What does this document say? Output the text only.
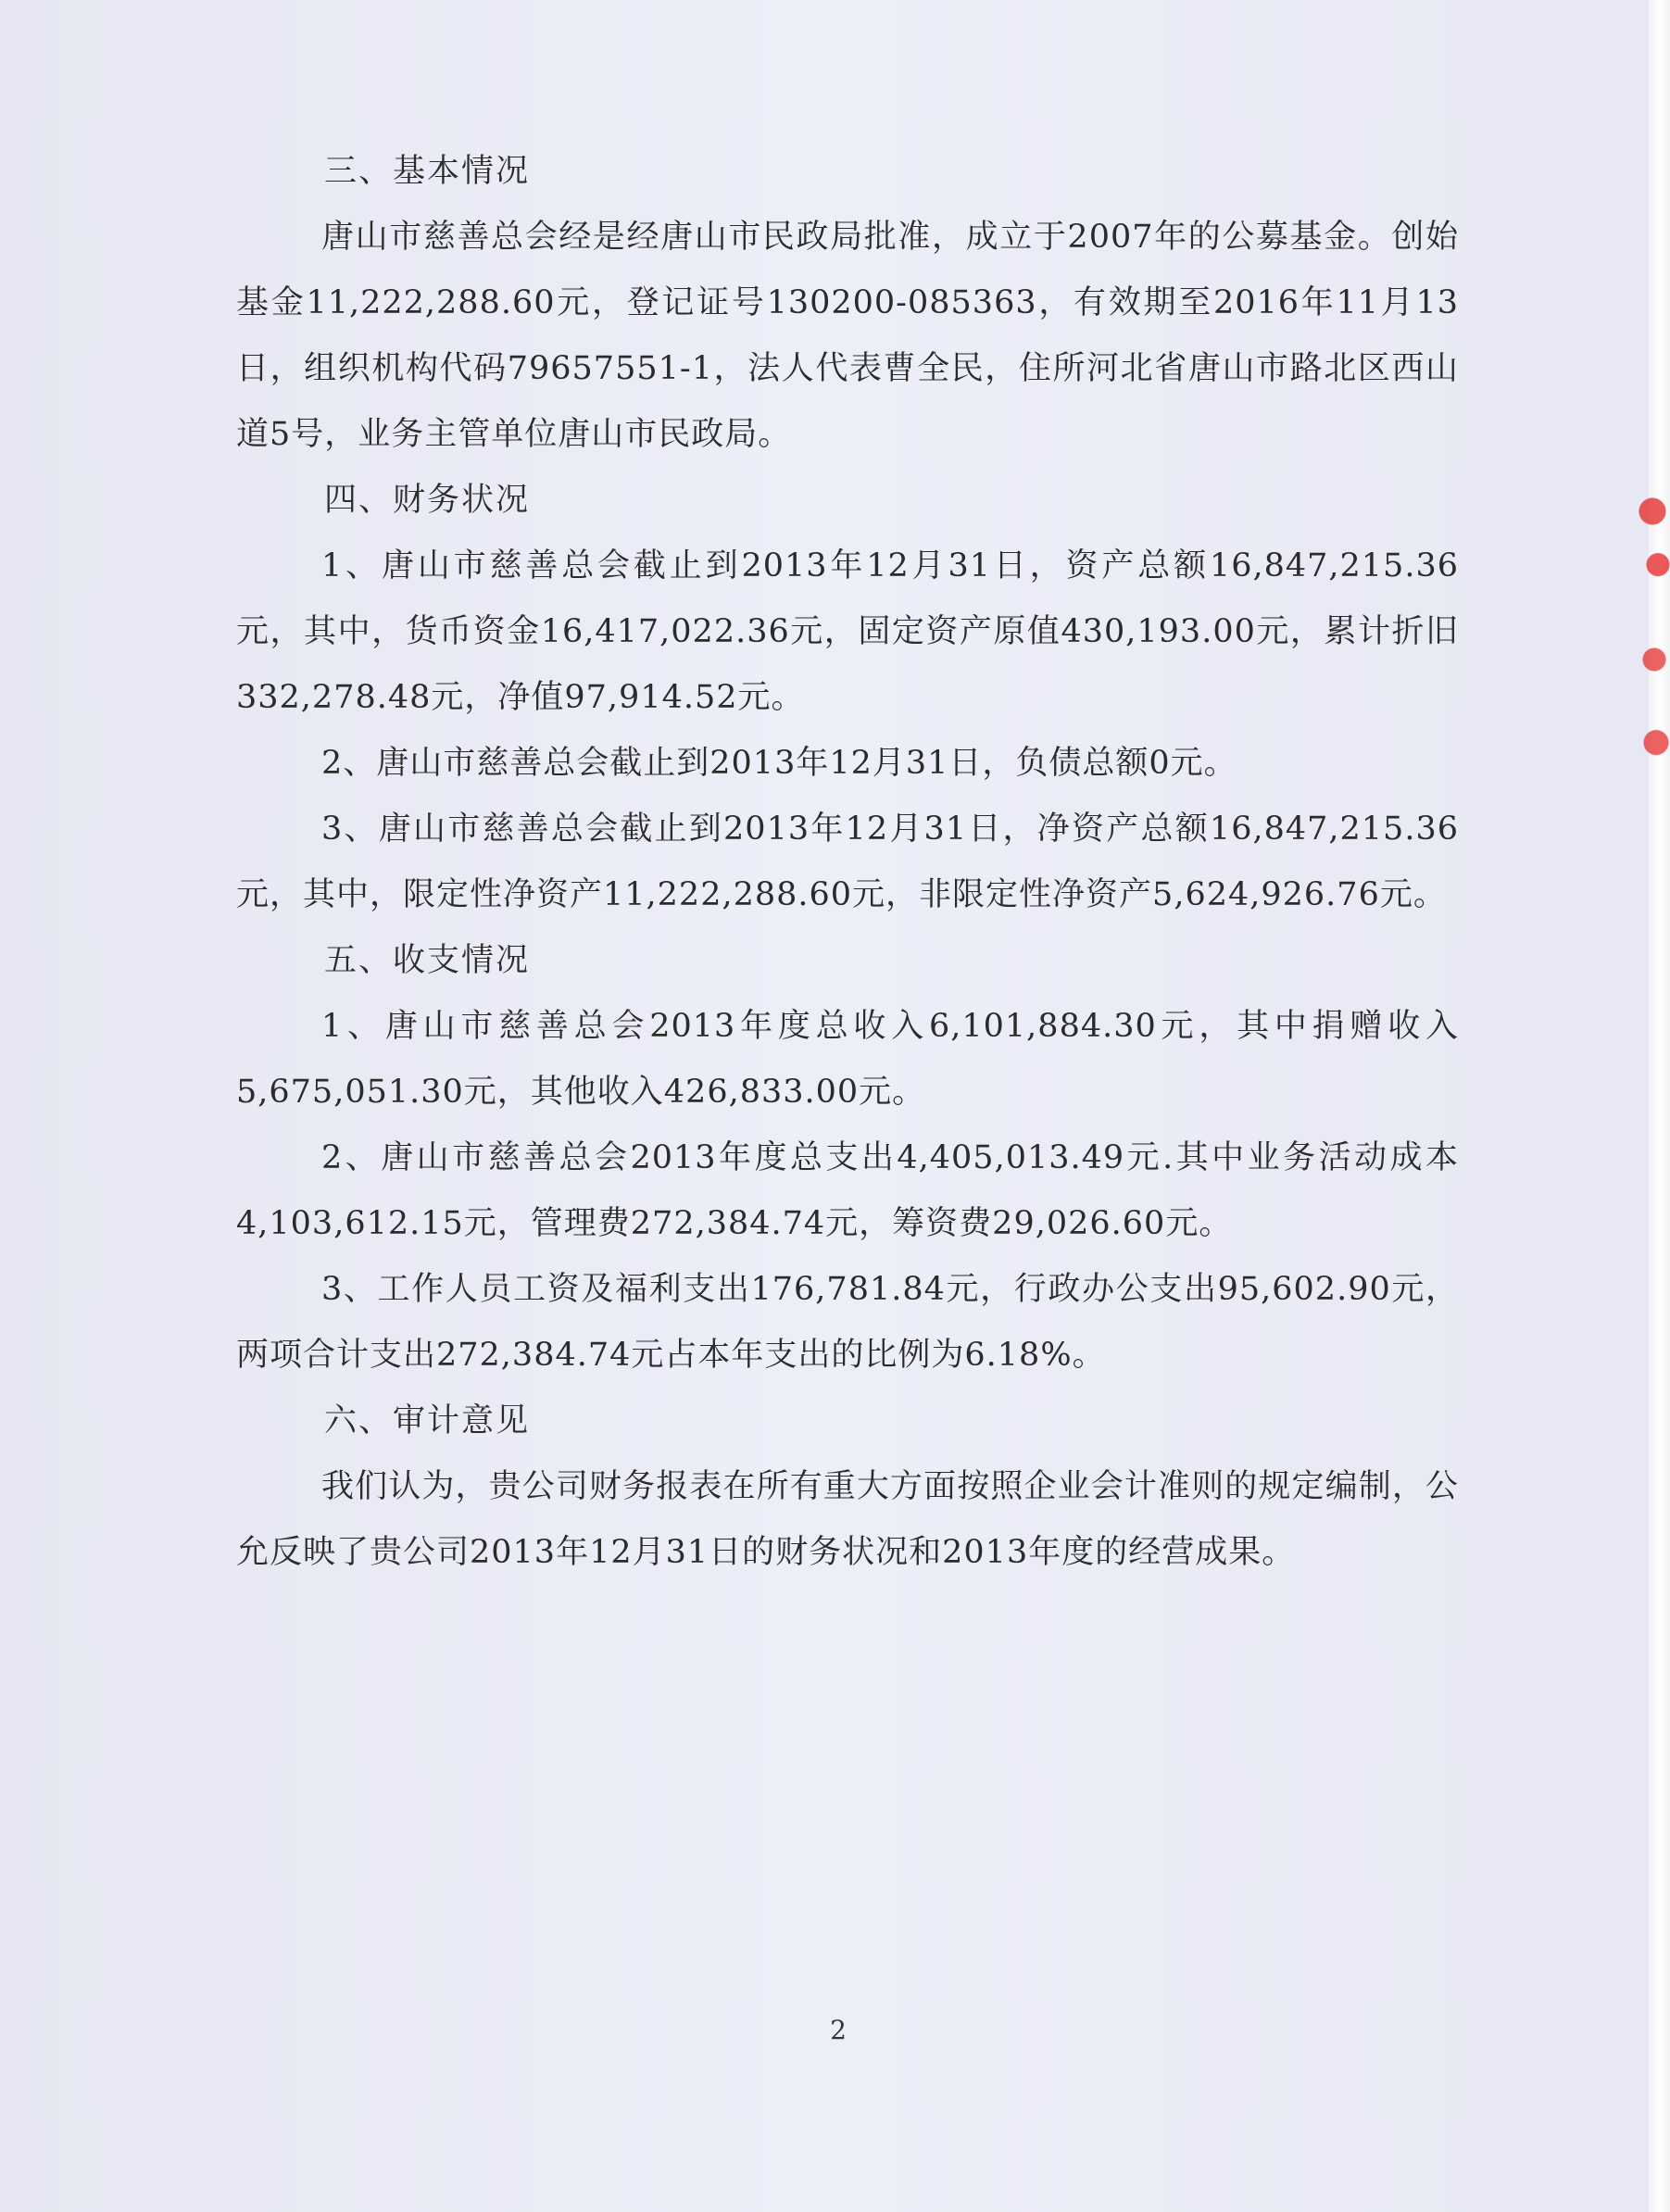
三、基本情况

唐山市慈善总会经是经唐山市民政局批准，成立于2007年的公募基金。创始基金11,222,288.60元，登记证号130200-085363，有效期至2016年11月13日，组织机构代码79657551-1，法人代表曹全民，住所河北省唐山市路北区西山道5号，业务主管单位唐山市民政局。

四、财务状况

1、唐山市慈善总会截止到2013年12月31日，资产总额16,847,215.36元，其中，货币资金16,417,022.36元，固定资产原值430,193.00元，累计折旧332,278.48元，净值97,914.52元。

2、唐山市慈善总会截止到2013年12月31日，负债总额0元。

3、唐山市慈善总会截止到2013年12月31日，净资产总额16,847,215.36元，其中，限定性净资产11,222,288.60元，非限定性净资产5,624,926.76元。

五、收支情况

1、唐山市慈善总会2013年度总收入6,101,884.30元，其中捐赠收入5,675,051.30元，其他收入426,833.00元。

2、唐山市慈善总会2013年度总支出4,405,013.49元.其中业务活动成本4,103,612.15元，管理费272,384.74元，筹资费29,026.60元。

3、工作人员工资及福利支出176,781.84元，行政办公支出95,602.90元，两项合计支出272,384.74元占本年支出的比例为6.18%。

六、审计意见

我们认为，贵公司财务报表在所有重大方面按照企业会计准则的规定编制，公允反映了贵公司2013年12月31日的财务状况和2013年度的经营成果。

2
